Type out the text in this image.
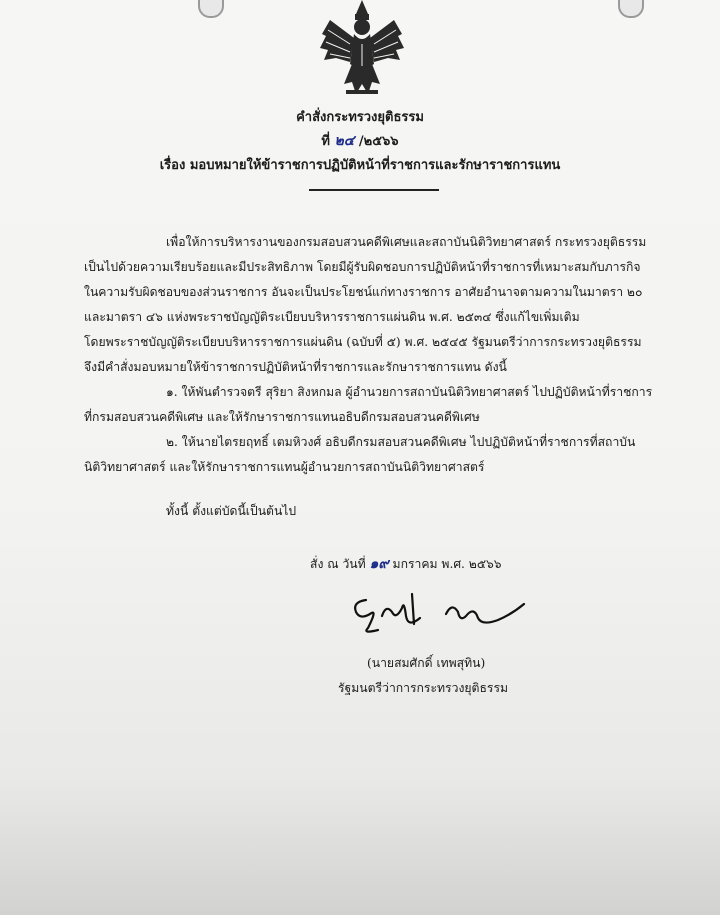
คำสั่งกระทรวงยุติธรรม
ที่ ๒๔ /๒๕๖๖
เรื่อง มอบหมายให้ข้าราชการปฏิบัติหน้าที่ราชการและรักษาราชการแทน
เพื่อให้การบริหารงานของกรมสอบสวนคดีพิเศษและสถาบันนิติวิทยาศาสตร์ กระทรวงยุติธรรม
เป็นไปด้วยความเรียบร้อยและมีประสิทธิภาพ โดยมีผู้รับผิดชอบการปฏิบัติหน้าที่ราชการที่เหมาะสมกับภารกิจ
ในความรับผิดชอบของส่วนราชการ อันจะเป็นประโยชน์แก่ทางราชการ อาศัยอำนาจตามความในมาตรา ๒๐
และมาตรา ๔๖ แห่งพระราชบัญญัติระเบียบบริหารราชการแผ่นดิน พ.ศ. ๒๕๓๔ ซึ่งแก้ไขเพิ่มเติม
โดยพระราชบัญญัติระเบียบบริหารราชการแผ่นดิน (ฉบับที่ ๕) พ.ศ. ๒๕๔๕ รัฐมนตรีว่าการกระทรวงยุติธรรม
จึงมีคำสั่งมอบหมายให้ข้าราชการปฏิบัติหน้าที่ราชการและรักษาราชการแทน ดังนี้
๑. ให้พันตำรวจตรี สุริยา สิงหกมล ผู้อำนวยการสถาบันนิติวิทยาศาสตร์ ไปปฏิบัติหน้าที่ราชการ
ที่กรมสอบสวนคดีพิเศษ และให้รักษาราชการแทนอธิบดีกรมสอบสวนคดีพิเศษ
๒. ให้นายไตรยฤทธิ์ เตมหิวงศ์ อธิบดีกรมสอบสวนคดีพิเศษ ไปปฏิบัติหน้าที่ราชการที่สถาบัน
นิติวิทยาศาสตร์ และให้รักษาราชการแทนผู้อำนวยการสถาบันนิติวิทยาศาสตร์
ทั้งนี้ ตั้งแต่บัดนี้เป็นต้นไป
สั่ง ณ วันที่ ๑๙ มกราคม พ.ศ. ๒๕๖๖
(นายสมศักดิ์ เทพสุทิน)
รัฐมนตรีว่าการกระทรวงยุติธรรม
